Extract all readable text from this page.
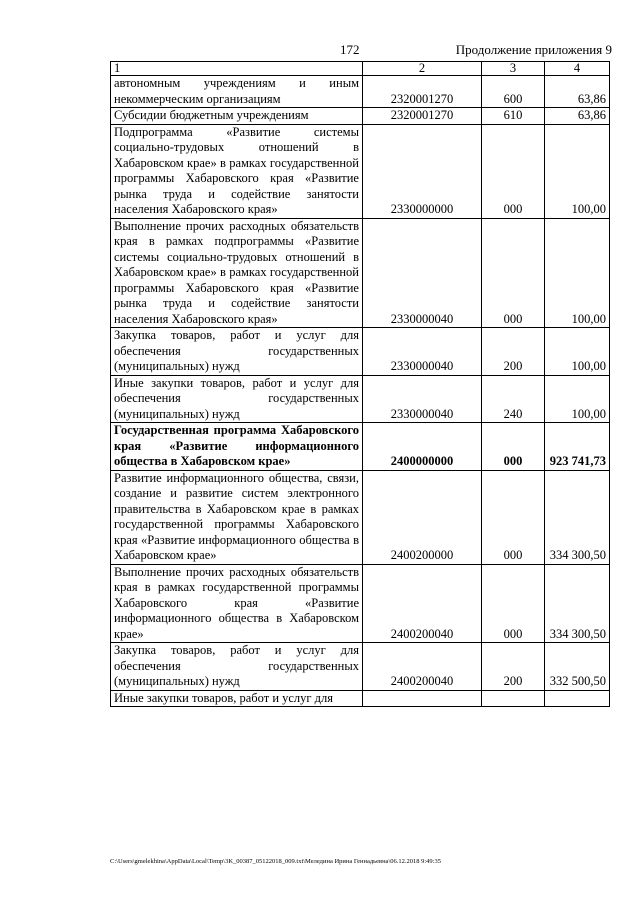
172	Продолжение приложения 9
1	2	3	4
автономным учреждениям и иным некоммерческим организациям	2320001270	600	63,86
Субсидии бюджетным учреждениям	2320001270	610	63,86
Подпрограмма «Развитие системы социально-трудовых отношений в Хабаровском крае» в рамках государственной программы Хабаровского края «Развитие рынка труда и содействие занятости населения Хабаровского края»	2330000000	000	100,00
Выполнение прочих расходных обязательств края в рамках подпрограммы «Развитие системы социально-трудовых отношений в Хабаровском крае» в рамках государственной программы Хабаровского края «Развитие рынка труда и содействие занятости населения Хабаровского края»	2330000040	000	100,00
Закупка товаров, работ и услуг для обеспечения государственных (муниципальных) нужд	2330000040	200	100,00
Иные закупки товаров, работ и услуг для обеспечения государственных (муниципальных) нужд	2330000040	240	100,00
Государственная программа Хабаровского края «Развитие информационного общества в Хабаровском крае»	2400000000	000	923 741,73
Развитие информационного общества, связи, создание и развитие систем электронного правительства в Хабаровском крае в рамках государственной программы Хабаровского края «Развитие информационного общества в Хабаровском крае»	2400200000	000	334 300,50
Выполнение прочих расходных обязательств края в рамках государственной программы Хабаровского края «Развитие информационного общества в Хабаровском крае»	2400200040	000	334 300,50
Закупка товаров, работ и услуг для обеспечения государственных (муниципальных) нужд	2400200040	200	332 500,50
Иные закупки товаров, работ и услуг для			
C:\Users\gmelekhina\AppData\Local\Temp\3K_00387_05122018_009.txt\Меледина Ирина Геннадьевна\06.12.2018 9:49:35
